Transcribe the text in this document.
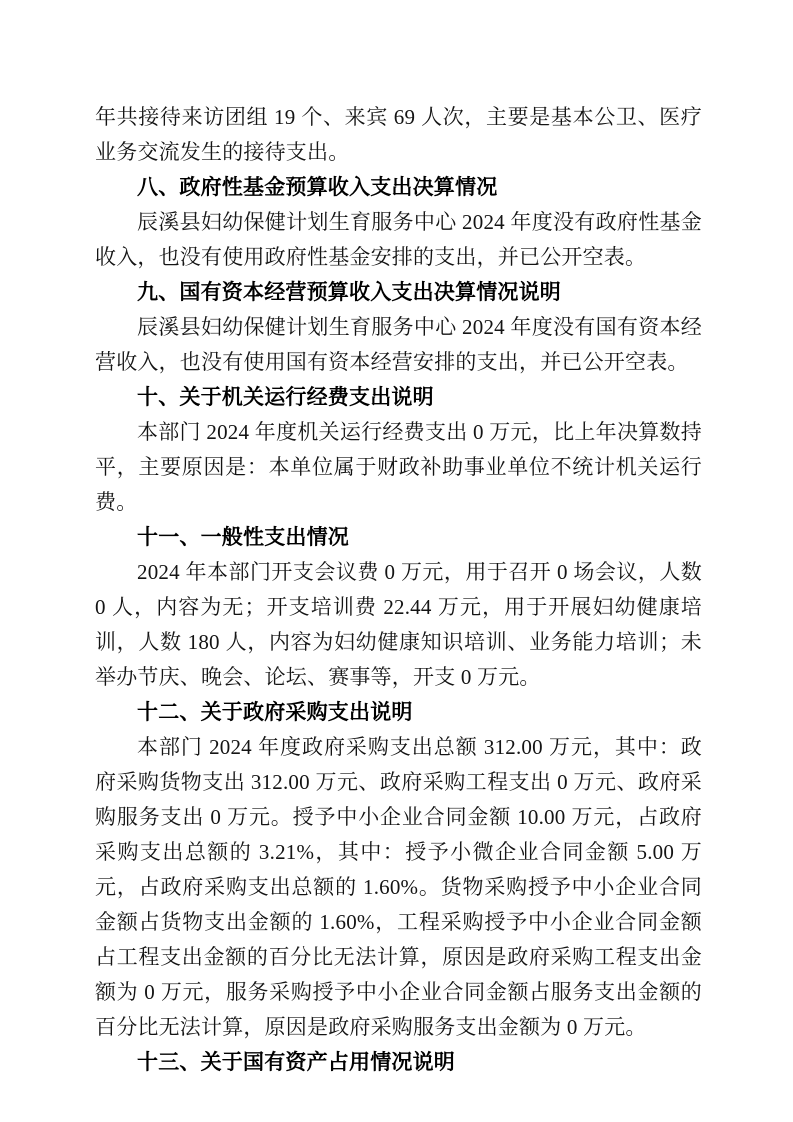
年共接待来访团组 19 个、来宾 69 人次，主要是基本公卫、医疗业务交流发生的接待支出。

八、政府性基金预算收入支出决算情况

辰溪县妇幼保健计划生育服务中心 2024 年度没有政府性基金收入，也没有使用政府性基金安排的支出，并已公开空表。

九、国有资本经营预算收入支出决算情况说明

辰溪县妇幼保健计划生育服务中心 2024 年度没有国有资本经营收入，也没有使用国有资本经营安排的支出，并已公开空表。

十、关于机关运行经费支出说明

本部门 2024 年度机关运行经费支出 0 万元，比上年决算数持平，主要原因是：本单位属于财政补助事业单位不统计机关运行费。

十一、一般性支出情况

2024 年本部门开支会议费 0 万元，用于召开 0 场会议，人数 0 人，内容为无；开支培训费 22.44 万元，用于开展妇幼健康培训，人数 180 人，内容为妇幼健康知识培训、业务能力培训；未举办节庆、晚会、论坛、赛事等，开支 0 万元。

十二、关于政府采购支出说明

本部门 2024 年度政府采购支出总额 312.00 万元，其中：政府采购货物支出 312.00 万元、政府采购工程支出 0 万元、政府采购服务支出 0 万元。授予中小企业合同金额 10.00 万元，占政府采购支出总额的 3.21%，其中：授予小微企业合同金额 5.00 万元，占政府采购支出总额的 1.60%。货物采购授予中小企业合同金额占货物支出金额的 1.60%，工程采购授予中小企业合同金额占工程支出金额的百分比无法计算，原因是政府采购工程支出金额为 0 万元，服务采购授予中小企业合同金额占服务支出金额的百分比无法计算，原因是政府采购服务支出金额为 0 万元。

十三、关于国有资产占用情况说明
